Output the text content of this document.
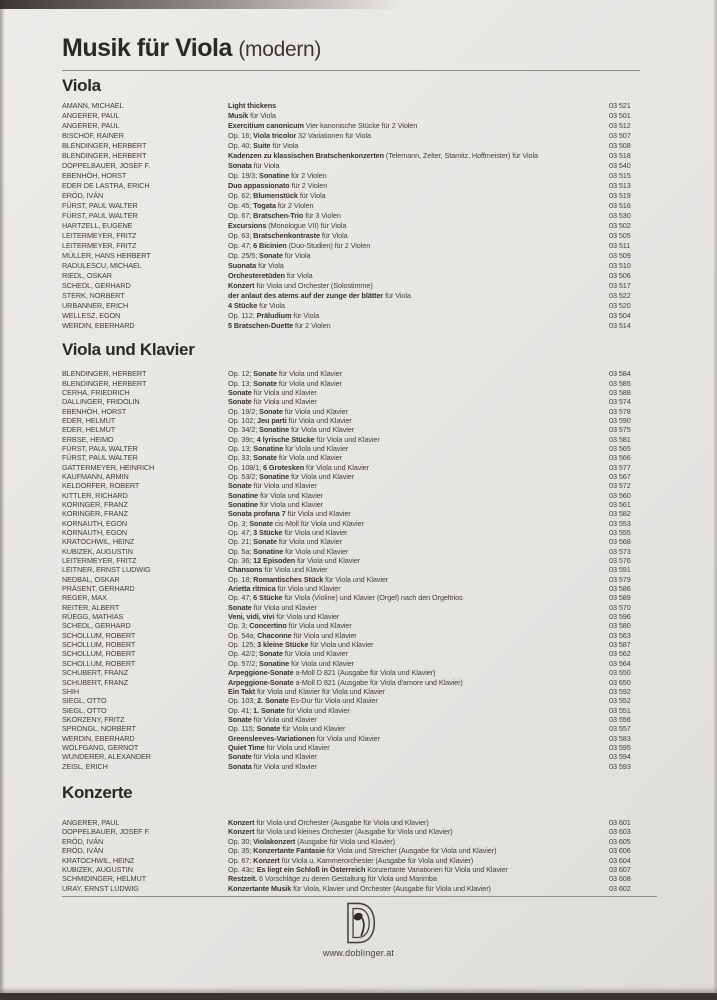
Musik für Viola (modern)
Viola
AMANN, MICHAEL	Light thickens	03 521
ANGERER, PAUL	Musik für Viola	03 501
ANGERER, PAUL	Exercitium canonicum Vier kanonische Stücke für 2 Violen	03 512
BISCHOF, RAINER	Op. 16; Viola tricolor 32 Variationen für Viola	03 507
BLENDINGER, HERBERT	Op. 40; Suite für Viola	03 508
BLENDINGER, HERBERT	Kadenzen zu klassischen Bratschenkonzerten (Telemann, Zelter, Stamitz, Hoffmeister) für Viola	03 518
DOPPELBAUER, JOSEF F.	Sonata für Viola	03 540
EBENHÖH, HORST	Op. 19/3; Sonatine für 2 Violen	03 515
EDER DE LASTRA, ERICH	Duo appassionato für 2 Violen	03 513
ERÖD, IVÁN	Op. 62; Blumenstück für Viola	03 519
FÜRST, PAUL WALTER	Op. 45; Togata für 2 Violen	03 516
FÜRST, PAUL WALTER	Op. 67; Bratschen-Trio für 3 Violen	03 530
HARTZELL, EUGENE	Excursions (Monologue VII) für Viola	03 502
LEITERMEYER, FRITZ	Op. 63; Bratschenkontraste für Viola	03 505
LEITERMEYER, FRITZ	Op. 47; 6 Bicinien (Duo-Studien) für 2 Violen	03 511
MÜLLER, HANS HERBERT	Op. 25/5; Sonate für Viola	03 509
RADULESCU, MICHAEL	Suonata für Viola	03 510
RIEDL, OSKAR	Orchesteretüden für Viola	03 506
SCHEDL, GERHARD	Konzert für Viola und Orchester (Solostimme)	03 517
STERK, NORBERT	der anlaut des atems auf der zunge der blätter für Viola	03 522
URBANNER, ERICH	4 Stücke für Viola	03 520
WELLESZ, EGON	Op. 112; Präludium für Viola	03 504
WERDIN, EBERHARD	5 Bratschen-Duette für 2 Violen	03 514
Viola und Klavier
BLENDINGER, HERBERT	Op. 12; Sonate für Viola und Klavier	03 584
BLENDINGER, HERBERT	Op. 13; Sonate für Viola und Klavier	03 585
CERHA, FRIEDRICH	Sonate für Viola und Klavier	03 588
DALLINGER, FRIDOLIN	Sonate für Viola und Klavier	03 574
EBENHÖH, HORST	Op. 19/2; Sonate für Viola und Klavier	03 578
EDER, HELMUT	Op. 102; Jeu parti für Viola und Klavier	03 590
EDER, HELMUT	Op. 34/2; Sonatine für Viola und Klavier	03 575
ERBSE, HEIMO	Op. 39c; 4 lyrische Stücke für Viola und Klavier	03 581
FÜRST, PAUL WALTER	Op. 13; Sonatine für Viola und Klavier	03 565
FÜRST, PAUL WALTER	Op. 33; Sonate für Viola und Klavier	03 566
GATTERMEYER, HEINRICH	Op. 108/1; 6 Grotesken für Viola und Klavier	03 577
KAUFMANN, ARMIN	Op. 53/2; Sonatine für Viola und Klavier	03 567
KELDORFER, ROBERT	Sonate für Viola und Klavier	03 572
KITTLER, RICHARD	Sonatine für Viola und Klavier	03 560
KORINGER, FRANZ	Sonatine für Viola und Klavier	03 561
KORINGER, FRANZ	Sonata profana 7 für Viola und Klavier	03 582
KORNAUTH, EGON	Op. 3; Sonate cis-Moll für Viola und Klavier	03 553
KORNAUTH, EGON	Op. 47; 3 Stücke für Viola und Klavier	03 555
KRATOCHWIL, HEINZ	Op. 21; Sonate für Viola und Klavier	03 568
KUBIZEK, AUGUSTIN	Op. 5a; Sonatine für Viola und Klavier	03 573
LEITERMEYER, FRITZ	Op. 36; 12 Episoden für Viola und Klavier	03 576
LEITNER, ERNST LUDWIG	Chansons für Viola und Klavier	03 591
NEDBAL, OSKAR	Op. 18; Romantisches Stück für Viola und Klavier	03 579
PRÄSENT, GERHARD	Arietta ritmica für Viola und Klavier	03 586
REGER, MAX	Op. 47; 6 Stücke für Viola (Violine) und Klavier (Orgel) nach den Orgeltrios	03 589
REITER, ALBERT	Sonate für Viola und Klavier	03 570
RÜEGG, MATHIAS	Veni, vidi, vivi für Viola und Klavier	03 596
SCHEDL, GERHARD	Op. 3; Concertino für Viola und Klavier	03 580
SCHOLLUM, ROBERT	Op. 54a; Chaconne für Viola und Klavier	03 563
SCHOLLUM, ROBERT	Op. 125; 3 kleine Stücke für Viola und Klavier	03 587
SCHOLLUM, ROBERT	Op. 42/2; Sonate für Viola und Klavier	03 562
SCHOLLUM, ROBERT	Op. 57/2; Sonatine für Viola und Klavier	03 564
SCHUBERT, FRANZ	Arpeggione-Sonate a-Moll D 821 (Ausgabe für Viola und Klavier)	03 550
SCHUBERT, FRANZ	Arpeggione-Sonate a-Moll D 821 (Ausgabe für Viola d'amore und Klavier)	03 650
SHIH	Ein Takt für Viola und Klavier für Viola und Klavier	03 592
SIEGL, OTTO	Op. 103; 2. Sonate Es-Dur für Viola und Klavier	03 552
SIEGL, OTTO	Op. 41; 1. Sonate für Viola und Klavier	03 551
SKORZENY, FRITZ	Sonate für Viola und Klavier	03 556
SPRONGL, NORBERT	Op. 115; Sonate für Viola und Klavier	03 557
WERDIN, EBERHARD	Greensleeves-Variationen für Viola und Klavier	03 583
WOLFGANG, GERNOT	Quiet Time für Viola und Klavier	03 595
WUNDERER, ALEXANDER	Sonate für Viola und Klavier	03 594
ZEISL, ERICH	Sonata für Viola und Klavier	03 593
Konzerte
ANGERER, PAUL	Konzert für Viola und Orchester (Ausgabe für Viola und Klavier)	03 601
DOPPELBAUER, JOSEF F.	Konzert für Viola und kleines Orchester (Ausgabe für Viola und Klavier)	03 603
ERÖD, IVÁN	Op. 30; Violakonzert (Ausgabe für Viola und Klavier)	03 605
ERÖD, IVÁN	Op. 35; Konzertante Fantasie für Viola und Streicher (Ausgabe für Viola und Klavier)	03 606
KRATOCHWIL, HEINZ	Op. 67; Konzert für Viola u. Kammerorchester (Ausgabe für Viola und Klavier)	03 604
KUBIZEK, AUGUSTIN	Op. 43c; Es liegt ein Schloß in Österreich Konzertante Variationen für Viola und Klavier	03 607
SCHMIDINGER, HELMUT	Restzeit. 6 Vorschläge zu deren Gestaltung für Viola und Marimba	03 608
URAY, ERNST LUDWIG	Konzertante Musik für Viola, Klavier und Orchester (Ausgabe für Viola und Klavier)	03 602
www.doblinger.at
